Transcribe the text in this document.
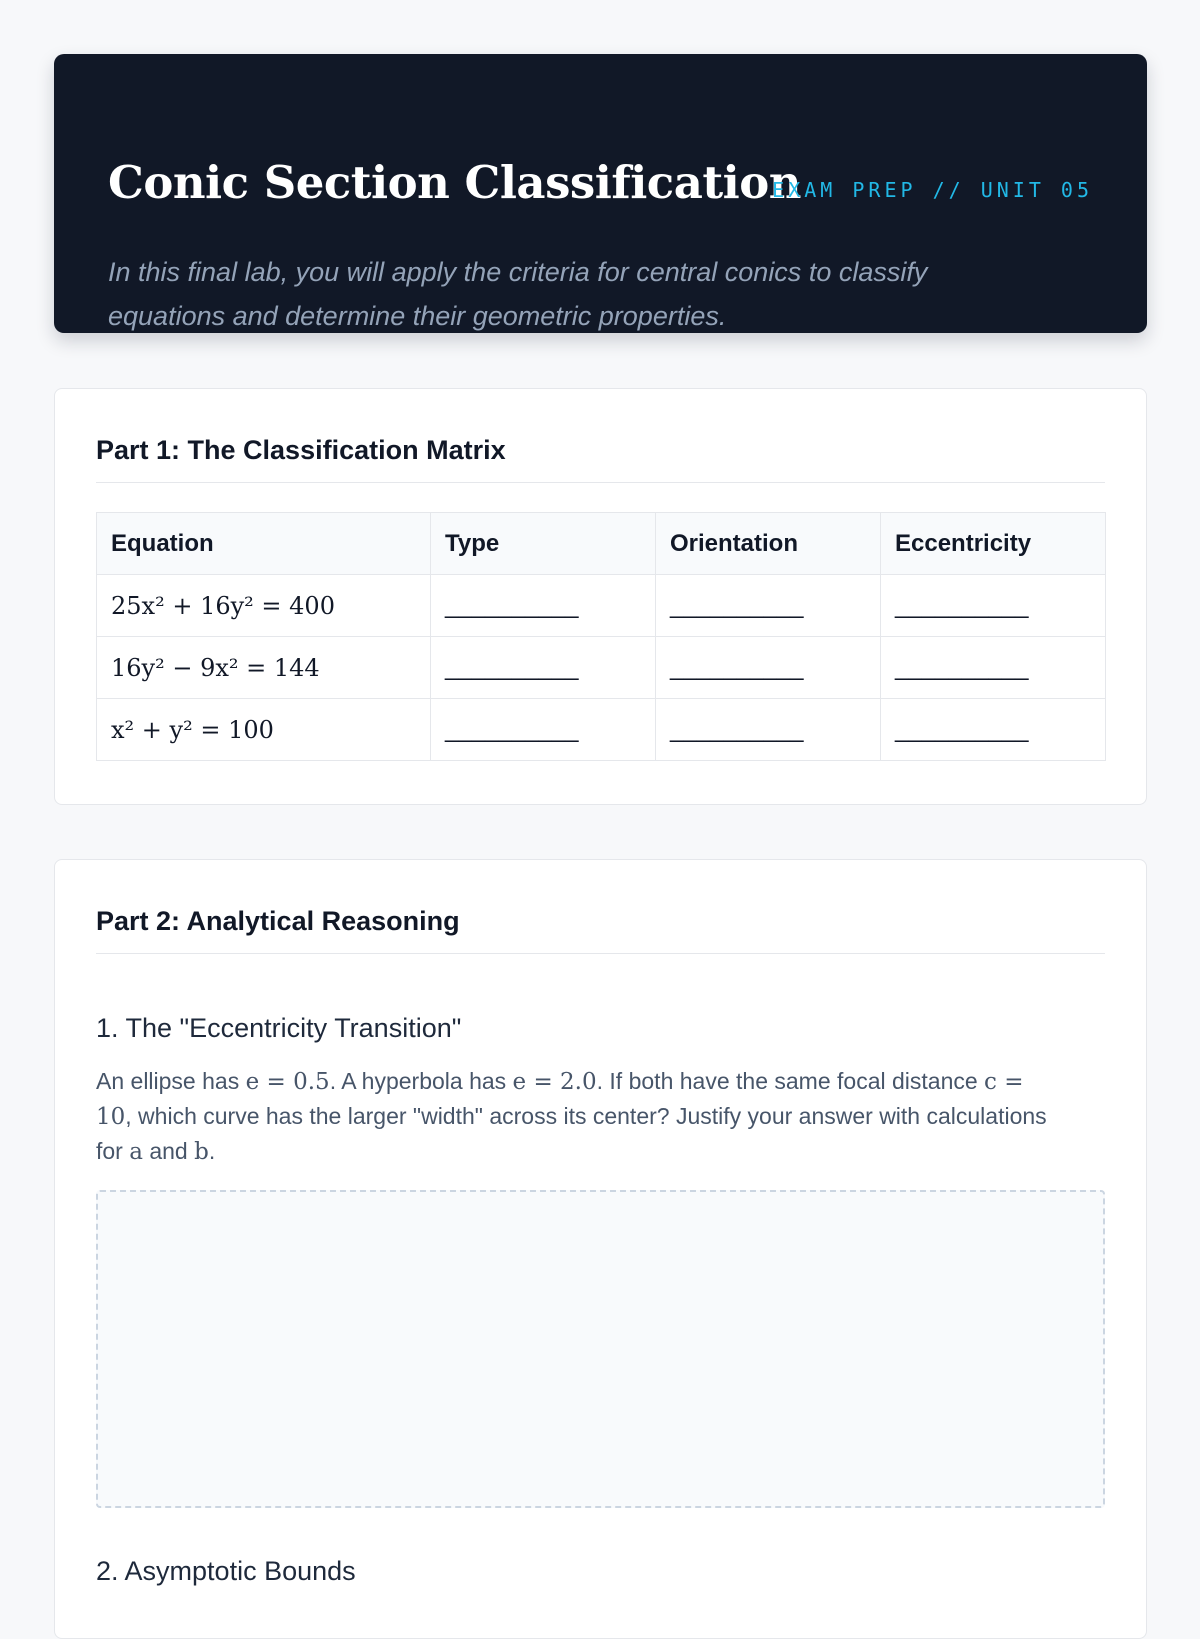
Conic Section Classification
EXAM PREP // UNIT 05
In this final lab, you will apply the criteria for central conics to classify equations and determine their geometric properties.
Part 1: The Classification Matrix
Equation	Type	Orientation	Eccentricity
25x² + 16y² = 400	__________	__________	__________
16y² − 9x² = 144	__________	__________	__________
x² + y² = 100	__________	__________	__________
Part 2: Analytical Reasoning
1. The "Eccentricity Transition"
An ellipse has e = 0.5. A hyperbola has e = 2.0. If both have the same focal distance c = 10, which curve has the larger "width" across its center? Justify your answer with calculations for a and b.
2. Asymptotic Bounds
